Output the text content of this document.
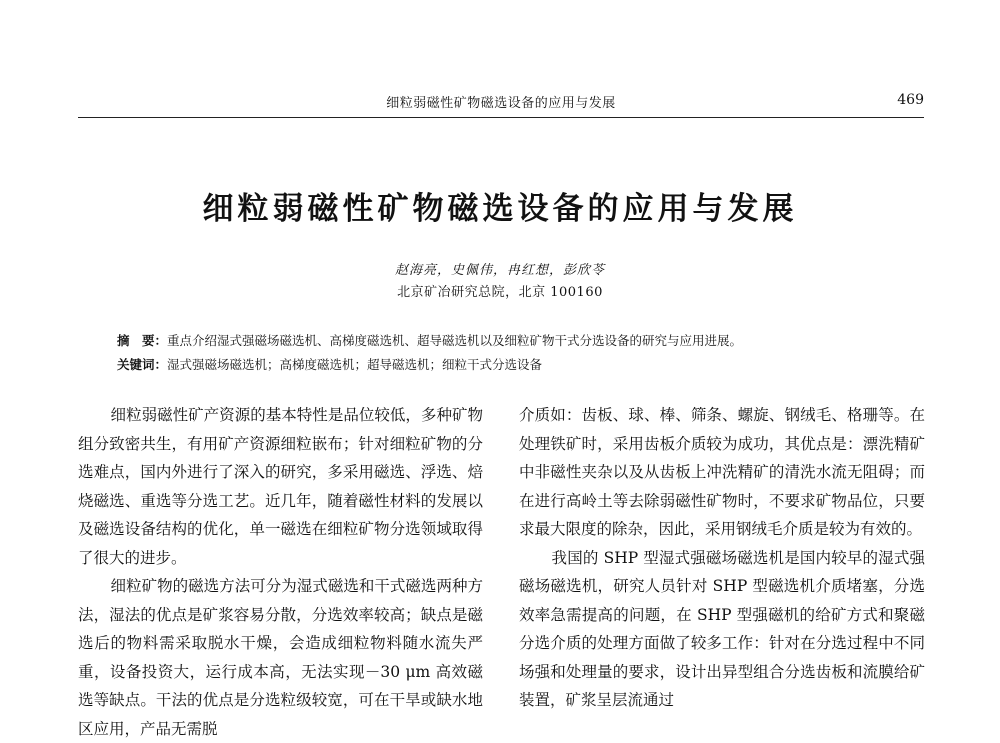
细粒弱磁性矿物磁选设备的应用与发展	469
细粒弱磁性矿物磁选设备的应用与发展
赵海亮，史佩伟，冉红想，彭欣苓
北京矿冶研究总院，北京 100160
摘　要：重点介绍湿式强磁场磁选机、高梯度磁选机、超导磁选机以及细粒矿物干式分选设备的研究与应用进展。
关键词：湿式强磁场磁选机；高梯度磁选机；超导磁选机；细粒干式分选设备

细粒弱磁性矿产资源的基本特性是品位较低，多种矿物组分致密共生，有用矿产资源细粒嵌布；针对细粒矿物的分选难点，国内外进行了深入的研究，多采用磁选、浮选、焙烧磁选、重选等分选工艺。近几年，随着磁性材料的发展以及磁选设备结构的优化，单一磁选在细粒矿物分选领域取得了很大的进步。

细粒矿物的磁选方法可分为湿式磁选和干式磁选两种方法，湿法的优点是矿浆容易分散，分选效率较高；缺点是磁选后的物料需采取脱水干燥，会造成细粒物料随水流失严重，设备投资大，运行成本高，无法实现－30 μm 高效磁选等缺点。干法的优点是分选粒级较宽，可在干旱或缺水地区应用，产品无需脱

介质如：齿板、球、棒、筛条、螺旋、钢绒毛、格珊等。在处理铁矿时，采用齿板介质较为成功，其优点是：漂洗精矿中非磁性夹杂以及从齿板上冲洗精矿的清洗水流无阻碍；而在进行高岭土等去除弱磁性矿物时，不要求矿物品位，只要求最大限度的除杂，因此，采用钢绒毛介质是较为有效的。

我国的 SHP 型湿式强磁场磁选机是国内较早的湿式强磁场磁选机，研究人员针对 SHP 型磁选机介质堵塞，分选效率急需提高的问题，在 SHP 型强磁机的给矿方式和聚磁分选介质的处理方面做了较多工作：针对在分选过程中不同场强和处理量的要求，设计出异型组合分选齿板和流膜给矿装置，矿浆呈层流通过
